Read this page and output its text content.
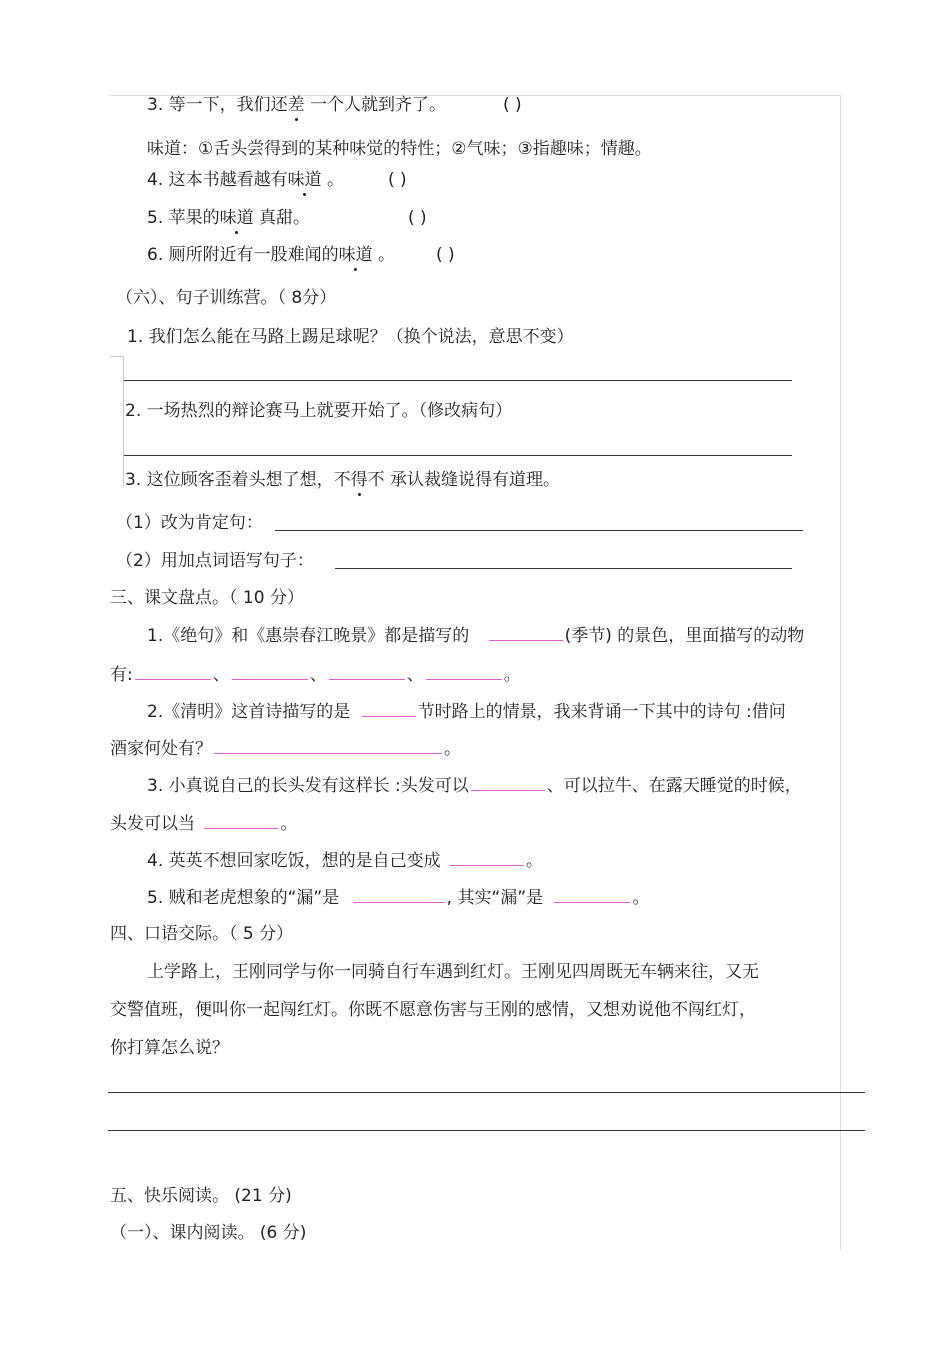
3. 等一下，我们还差 一个人就到齐了。	( )
味道：①舌头尝得到的某种味觉的特性；②气味；③指趣味；情趣。
4. 这本书越看越有味道 。	( )
5. 苹果的味道 真甜。	( )
6. 厕所附近有一股难闻的味道 。 ( )
（六）、句子训练营。（ 8分）
1. 我们怎么能在马路上踢足球呢？（换个说法，意思不变）
2. 一场热烈的辩论赛马上就要开始了。（修改病句）
3. 这位顾客歪着头想了想，不得不 承认裁缝说得有道理。
（1）改为肯定句：
（2）用加点词语写句子：
三、课文盘点。（ 10 分）
1.《绝句》和《惠崇春江晚景》都是描写的	(季节) 的景色，里面描写的动物
有:	、	、	、	。
2.《清明》这首诗描写的是	节时路上的情景，我来背诵一下其中的诗句 :借问
酒家何处有？	。
3. 小真说自己的长头发有这样长 :头发可以	、可以拉牛、在露天睡觉的时候，
头发可以当	。
4. 英英不想回家吃饭，想的是自己变成	。
5. 贼和老虎想象的“漏”是	, 其实“漏”是	。
四、口语交际。（ 5 分）
上学路上，王刚同学与你一同骑自行车遇到红灯。王刚见四周既无车辆来往，又无
交警值班，便叫你一起闯红灯。你既不愿意伤害与王刚的感情，又想劝说他不闯红灯，
你打算怎么说？
五、快乐阅读。 (21 分)
（一）、课内阅读。 (6 分)
